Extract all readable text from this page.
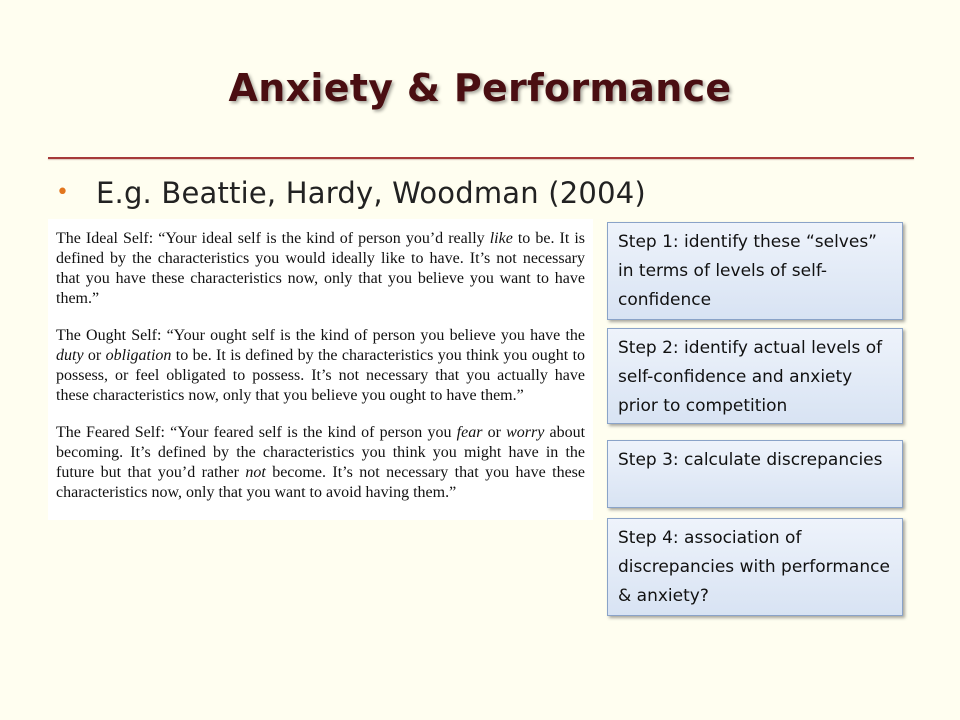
Anxiety & Performance
• E.g. Beattie, Hardy, Woodman (2004)

The Ideal Self: “Your ideal self is the kind of person you’d really like to be. It is defined by the characteristics you would ideally like to have. It’s not necessary that you have these characteristics now, only that you believe you want to have them.”

The Ought Self: “Your ought self is the kind of person you believe you have the duty or obligation to be. It is defined by the characteristics you think you ought to possess, or feel obligated to possess. It’s not necessary that you actually have these characteristics now, only that you believe you ought to have them.”

The Feared Self: “Your feared self is the kind of person you fear or worry about becoming. It’s defined by the characteristics you think you might have in the future but that you’d rather not become. It’s not necessary that you have these characteristics now, only that you want to avoid having them.”

Step 1: identify these “selves” in terms of levels of self-confidence
Step 2: identify actual levels of self-confidence and anxiety prior to competition
Step 3: calculate discrepancies
Step 4: association of discrepancies with performance & anxiety?
